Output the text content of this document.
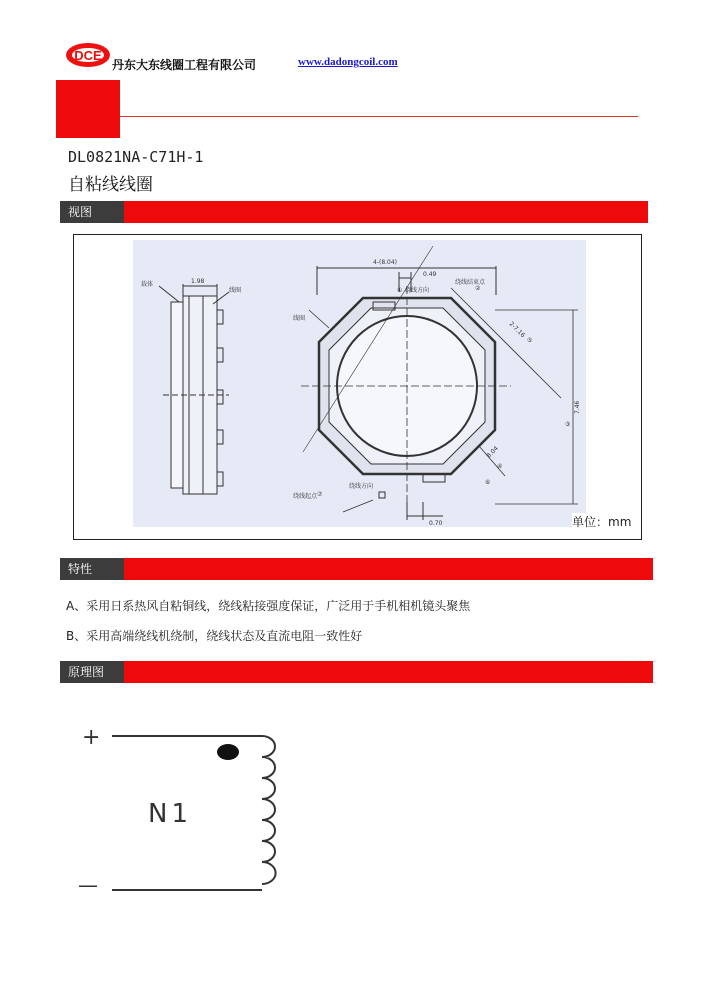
DCE
丹东大东线圈工程有限公司	www.dadongcoil.com
DL0821NA-C71H-1
自粘线线圈
视图
载体
线圈
1.98
4-(8.04)
0.49
绕线结束点
绕线方向
①
线圈
绕线起点
绕线方向
⑦
0.70
⑥
⑤
③
④
②
2-7.16
7.46
8.04
单位：mm
特性
A、采用日系热风自粘铜线，绕线粘接强度保证，广泛用于手机相机镜头聚焦
B、采用高端绕线机绕制，绕线状态及直流电阻一致性好
原理图
+
—
N1
